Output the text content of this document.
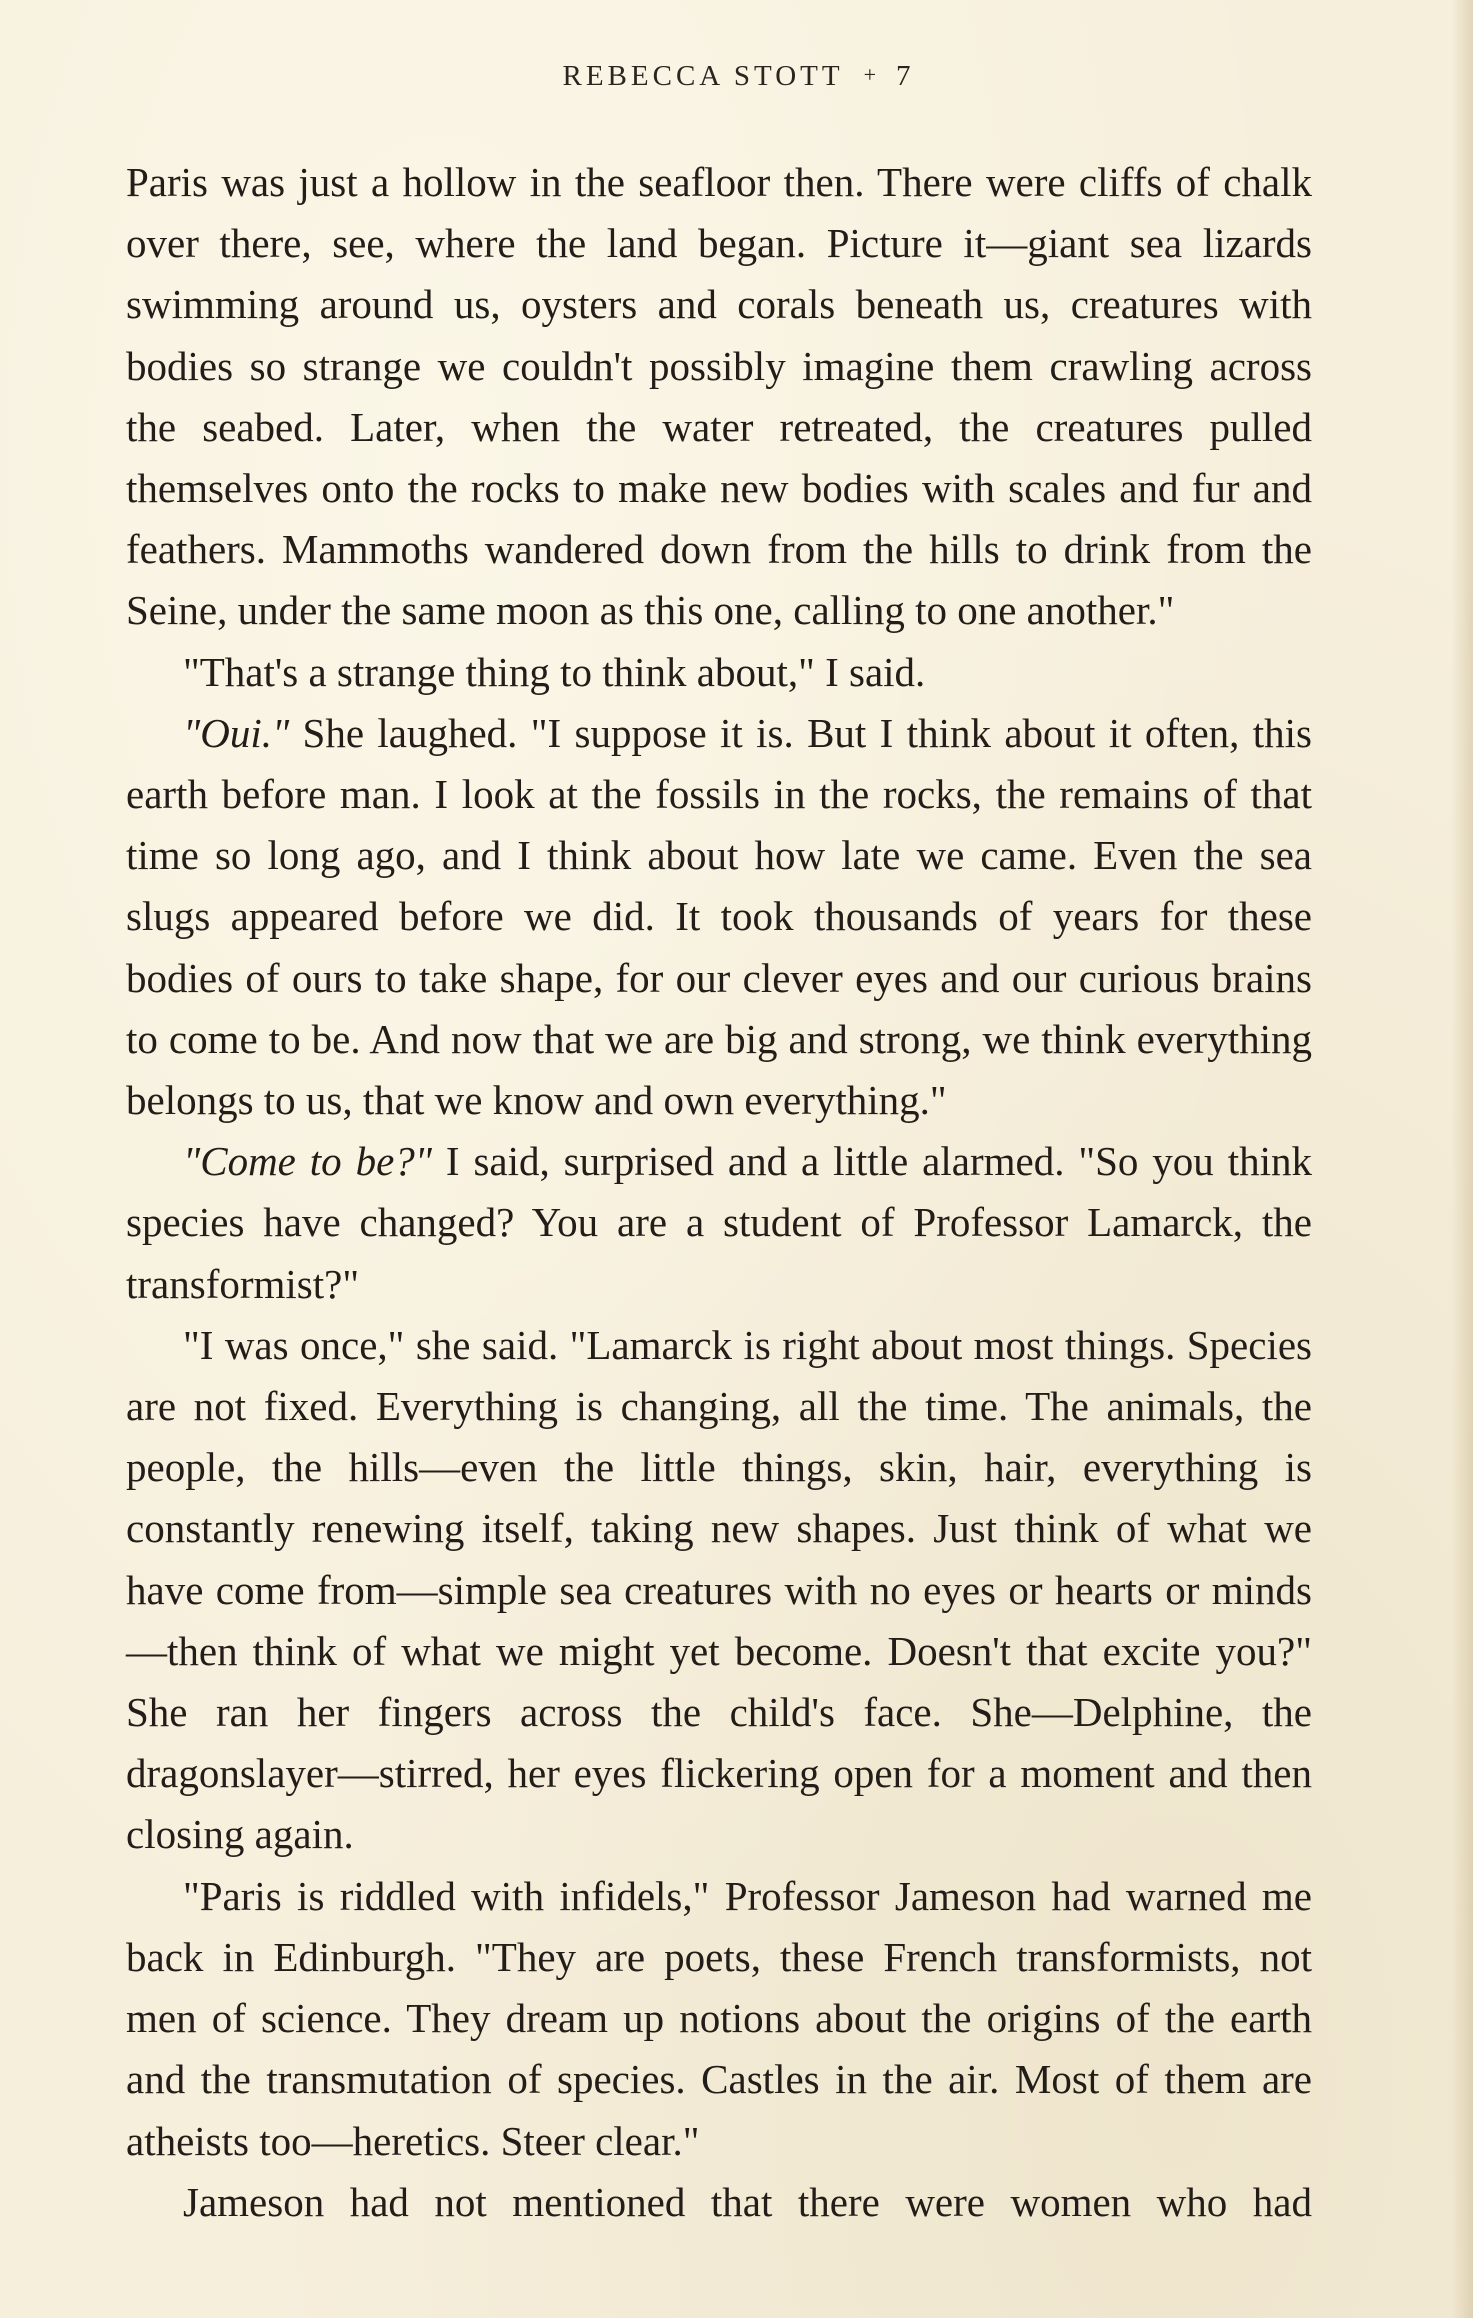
REBECCA STOTT + 7

Paris was just a hollow in the seafloor then. There were cliffs of chalk over there, see, where the land began. Picture it—giant sea lizards swimming around us, oysters and corals beneath us, creatures with bodies so strange we couldn't possibly imagine them crawling across the seabed. Later, when the water retreated, the creatures pulled themselves onto the rocks to make new bodies with scales and fur and feathers. Mammoths wandered down from the hills to drink from the Seine, under the same moon as this one, calling to one another."

"That's a strange thing to think about," I said.

"Oui." She laughed. "I suppose it is. But I think about it often, this earth before man. I look at the fossils in the rocks, the remains of that time so long ago, and I think about how late we came. Even the sea slugs appeared before we did. It took thousands of years for these bodies of ours to take shape, for our clever eyes and our curious brains to come to be. And now that we are big and strong, we think everything belongs to us, that we know and own everything."

"Come to be?" I said, surprised and a little alarmed. "So you think species have changed? You are a student of Professor Lamarck, the transformist?"

"I was once," she said. "Lamarck is right about most things. Species are not fixed. Everything is changing, all the time. The animals, the people, the hills—even the little things, skin, hair, everything is constantly renewing itself, taking new shapes. Just think of what we have come from—simple sea creatures with no eyes or hearts or minds—then think of what we might yet become. Doesn't that excite you?" She ran her fingers across the child's face. She—Delphine, the dragonslayer—stirred, her eyes flickering open for a moment and then closing again.

"Paris is riddled with infidels," Professor Jameson had warned me back in Edinburgh. "They are poets, these French transformists, not men of science. They dream up notions about the origins of the earth and the transmutation of species. Castles in the air. Most of them are atheists too—heretics. Steer clear."

Jameson had not mentioned that there were women who had
